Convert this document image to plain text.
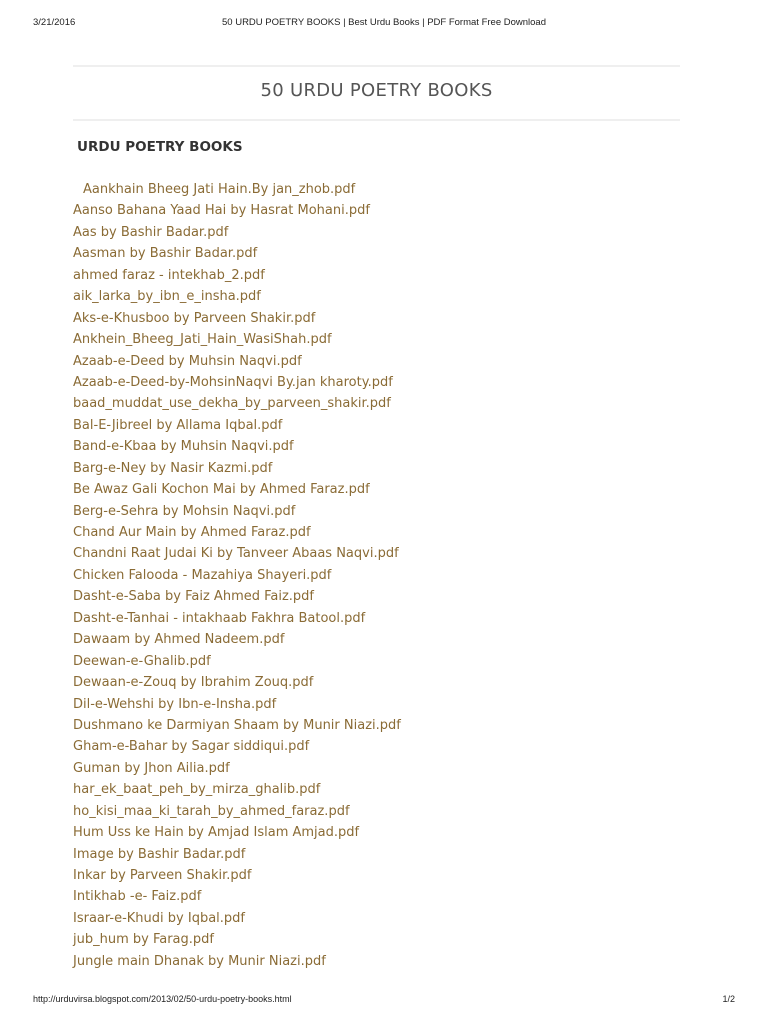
3/21/2016	50 URDU POETRY BOOKS | Best Urdu Books | PDF Format Free Download
50 URDU POETRY BOOKS
URDU POETRY BOOKS
Aankhain Bheeg Jati Hain.By jan_zhob.pdf
Aanso Bahana Yaad Hai by Hasrat Mohani.pdf
Aas by Bashir Badar.pdf
Aasman by Bashir Badar.pdf
ahmed faraz - intekhab_2.pdf
aik_larka_by_ibn_e_insha.pdf
Aks-e-Khusboo by Parveen Shakir.pdf
Ankhein_Bheeg_Jati_Hain_WasiShah.pdf
Azaab-e-Deed by Muhsin Naqvi.pdf
Azaab-e-Deed-by-MohsinNaqvi By.jan kharoty.pdf
baad_muddat_use_dekha_by_parveen_shakir.pdf
Bal-E-Jibreel by Allama Iqbal.pdf
Band-e-Kbaa by Muhsin Naqvi.pdf
Barg-e-Ney by Nasir Kazmi.pdf
Be Awaz Gali Kochon Mai by Ahmed Faraz.pdf
Berg-e-Sehra by Mohsin Naqvi.pdf
Chand Aur Main by Ahmed Faraz.pdf
Chandni Raat Judai Ki by Tanveer Abaas Naqvi.pdf
Chicken Falooda - Mazahiya Shayeri.pdf
Dasht-e-Saba by Faiz Ahmed Faiz.pdf
Dasht-e-Tanhai - intakhaab Fakhra Batool.pdf
Dawaam by Ahmed Nadeem.pdf
Deewan-e-Ghalib.pdf
Dewaan-e-Zouq by Ibrahim Zouq.pdf
Dil-e-Wehshi by Ibn-e-Insha.pdf
Dushmano ke Darmiyan Shaam by Munir Niazi.pdf
Gham-e-Bahar by Sagar siddiqui.pdf
Guman by Jhon Ailia.pdf
har_ek_baat_peh_by_mirza_ghalib.pdf
ho_kisi_maa_ki_tarah_by_ahmed_faraz.pdf
Hum Uss ke Hain by Amjad Islam Amjad.pdf
Image by Bashir Badar.pdf
Inkar by Parveen Shakir.pdf
Intikhab -e- Faiz.pdf
Israar-e-Khudi by Iqbal.pdf
jub_hum by Farag.pdf
Jungle main Dhanak by Munir Niazi.pdf
http://urduvirsa.blogspot.com/2013/02/50-urdu-poetry-books.html	1/2
